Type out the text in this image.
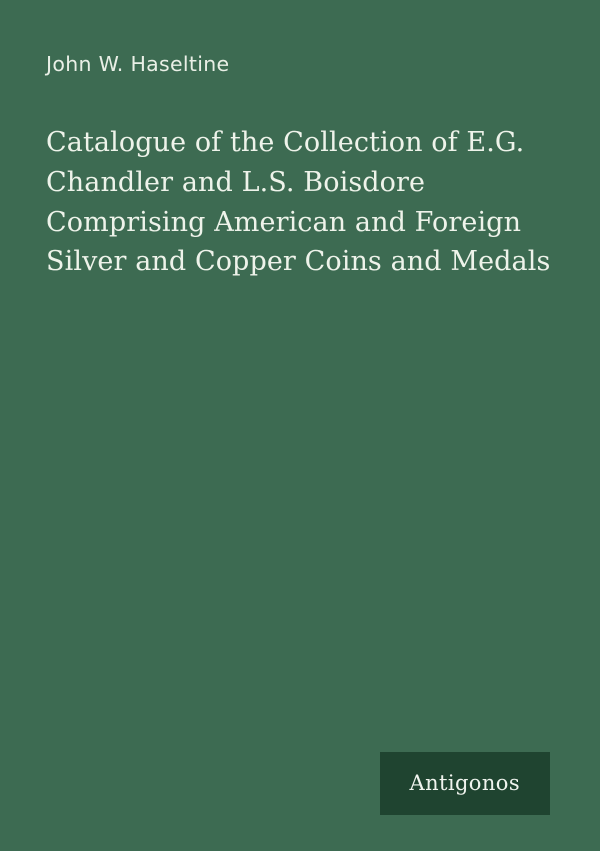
John W. Haseltine
Catalogue of the Collection of E.G. Chandler and L.S. Boisdore Comprising American and Foreign Silver and Copper Coins and Medals
Antigonos
